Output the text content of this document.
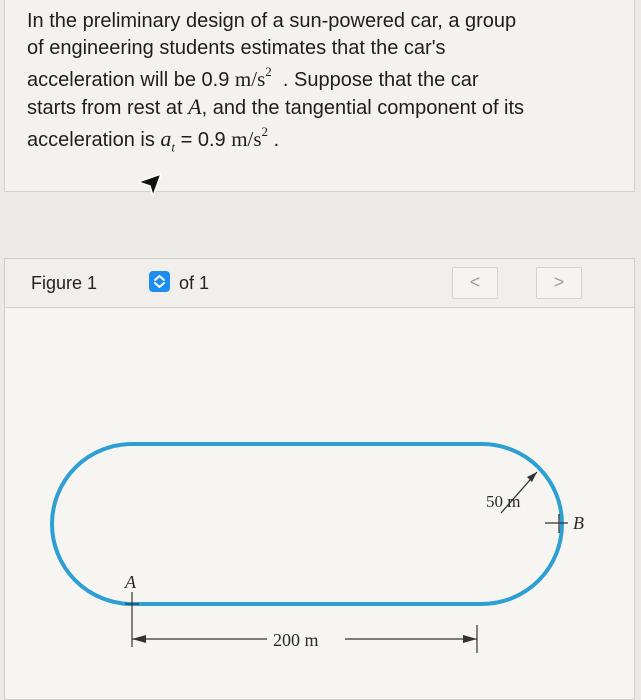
In the preliminary design of a sun-powered car, a group
of engineering students estimates that the car's
acceleration will be 0.9 $m/s^2$ . Suppose that the car
starts from rest at A, and the tangential component of its
acceleration is $a_t = 0.9$ $m/s^2$ .
Figure 1	of 1	<	>
50 m
B
A
200 m
